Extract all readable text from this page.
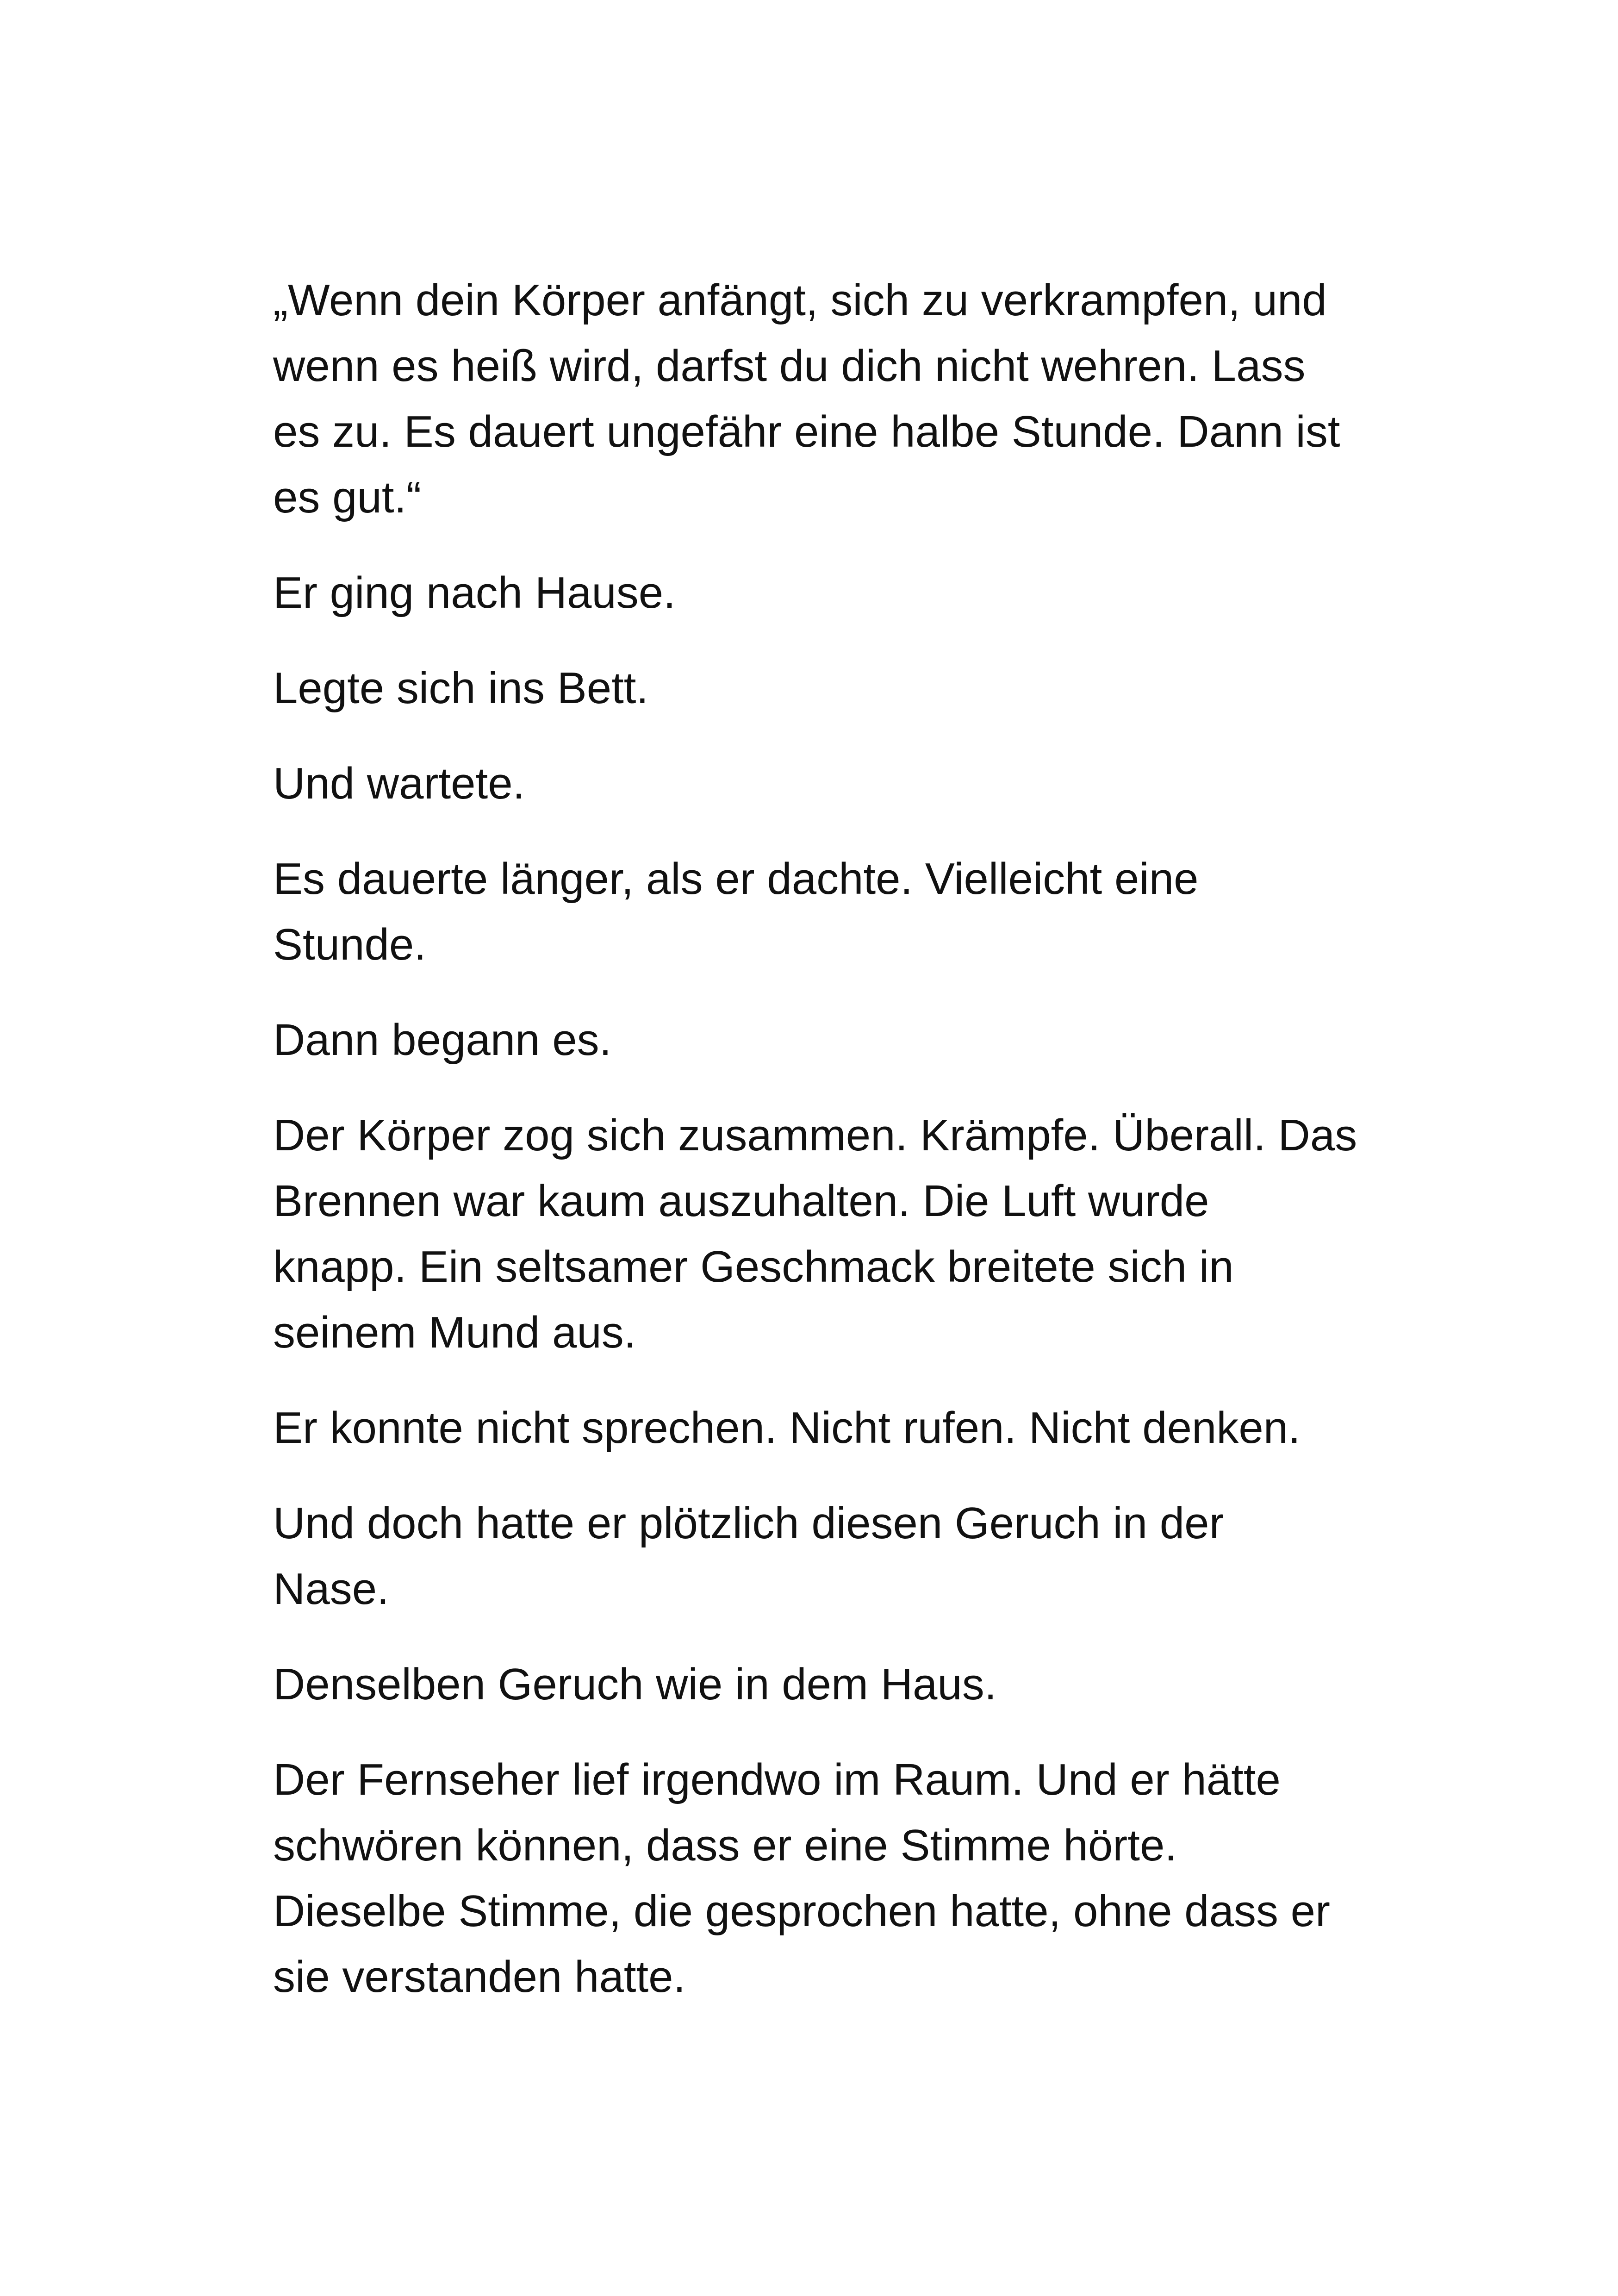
„Wenn dein Körper anfängt, sich zu verkrampfen, und
wenn es heiß wird, darfst du dich nicht wehren. Lass
es zu. Es dauert ungefähr eine halbe Stunde. Dann ist
es gut.“

Er ging nach Hause.

Legte sich ins Bett.

Und wartete.

Es dauerte länger, als er dachte. Vielleicht eine
Stunde.

Dann begann es.

Der Körper zog sich zusammen. Krämpfe. Überall. Das
Brennen war kaum auszuhalten. Die Luft wurde
knapp. Ein seltsamer Geschmack breitete sich in
seinem Mund aus.

Er konnte nicht sprechen. Nicht rufen. Nicht denken.

Und doch hatte er plötzlich diesen Geruch in der
Nase.

Denselben Geruch wie in dem Haus.

Der Fernseher lief irgendwo im Raum. Und er hätte
schwören können, dass er eine Stimme hörte.
Dieselbe Stimme, die gesprochen hatte, ohne dass er
sie verstanden hatte.
